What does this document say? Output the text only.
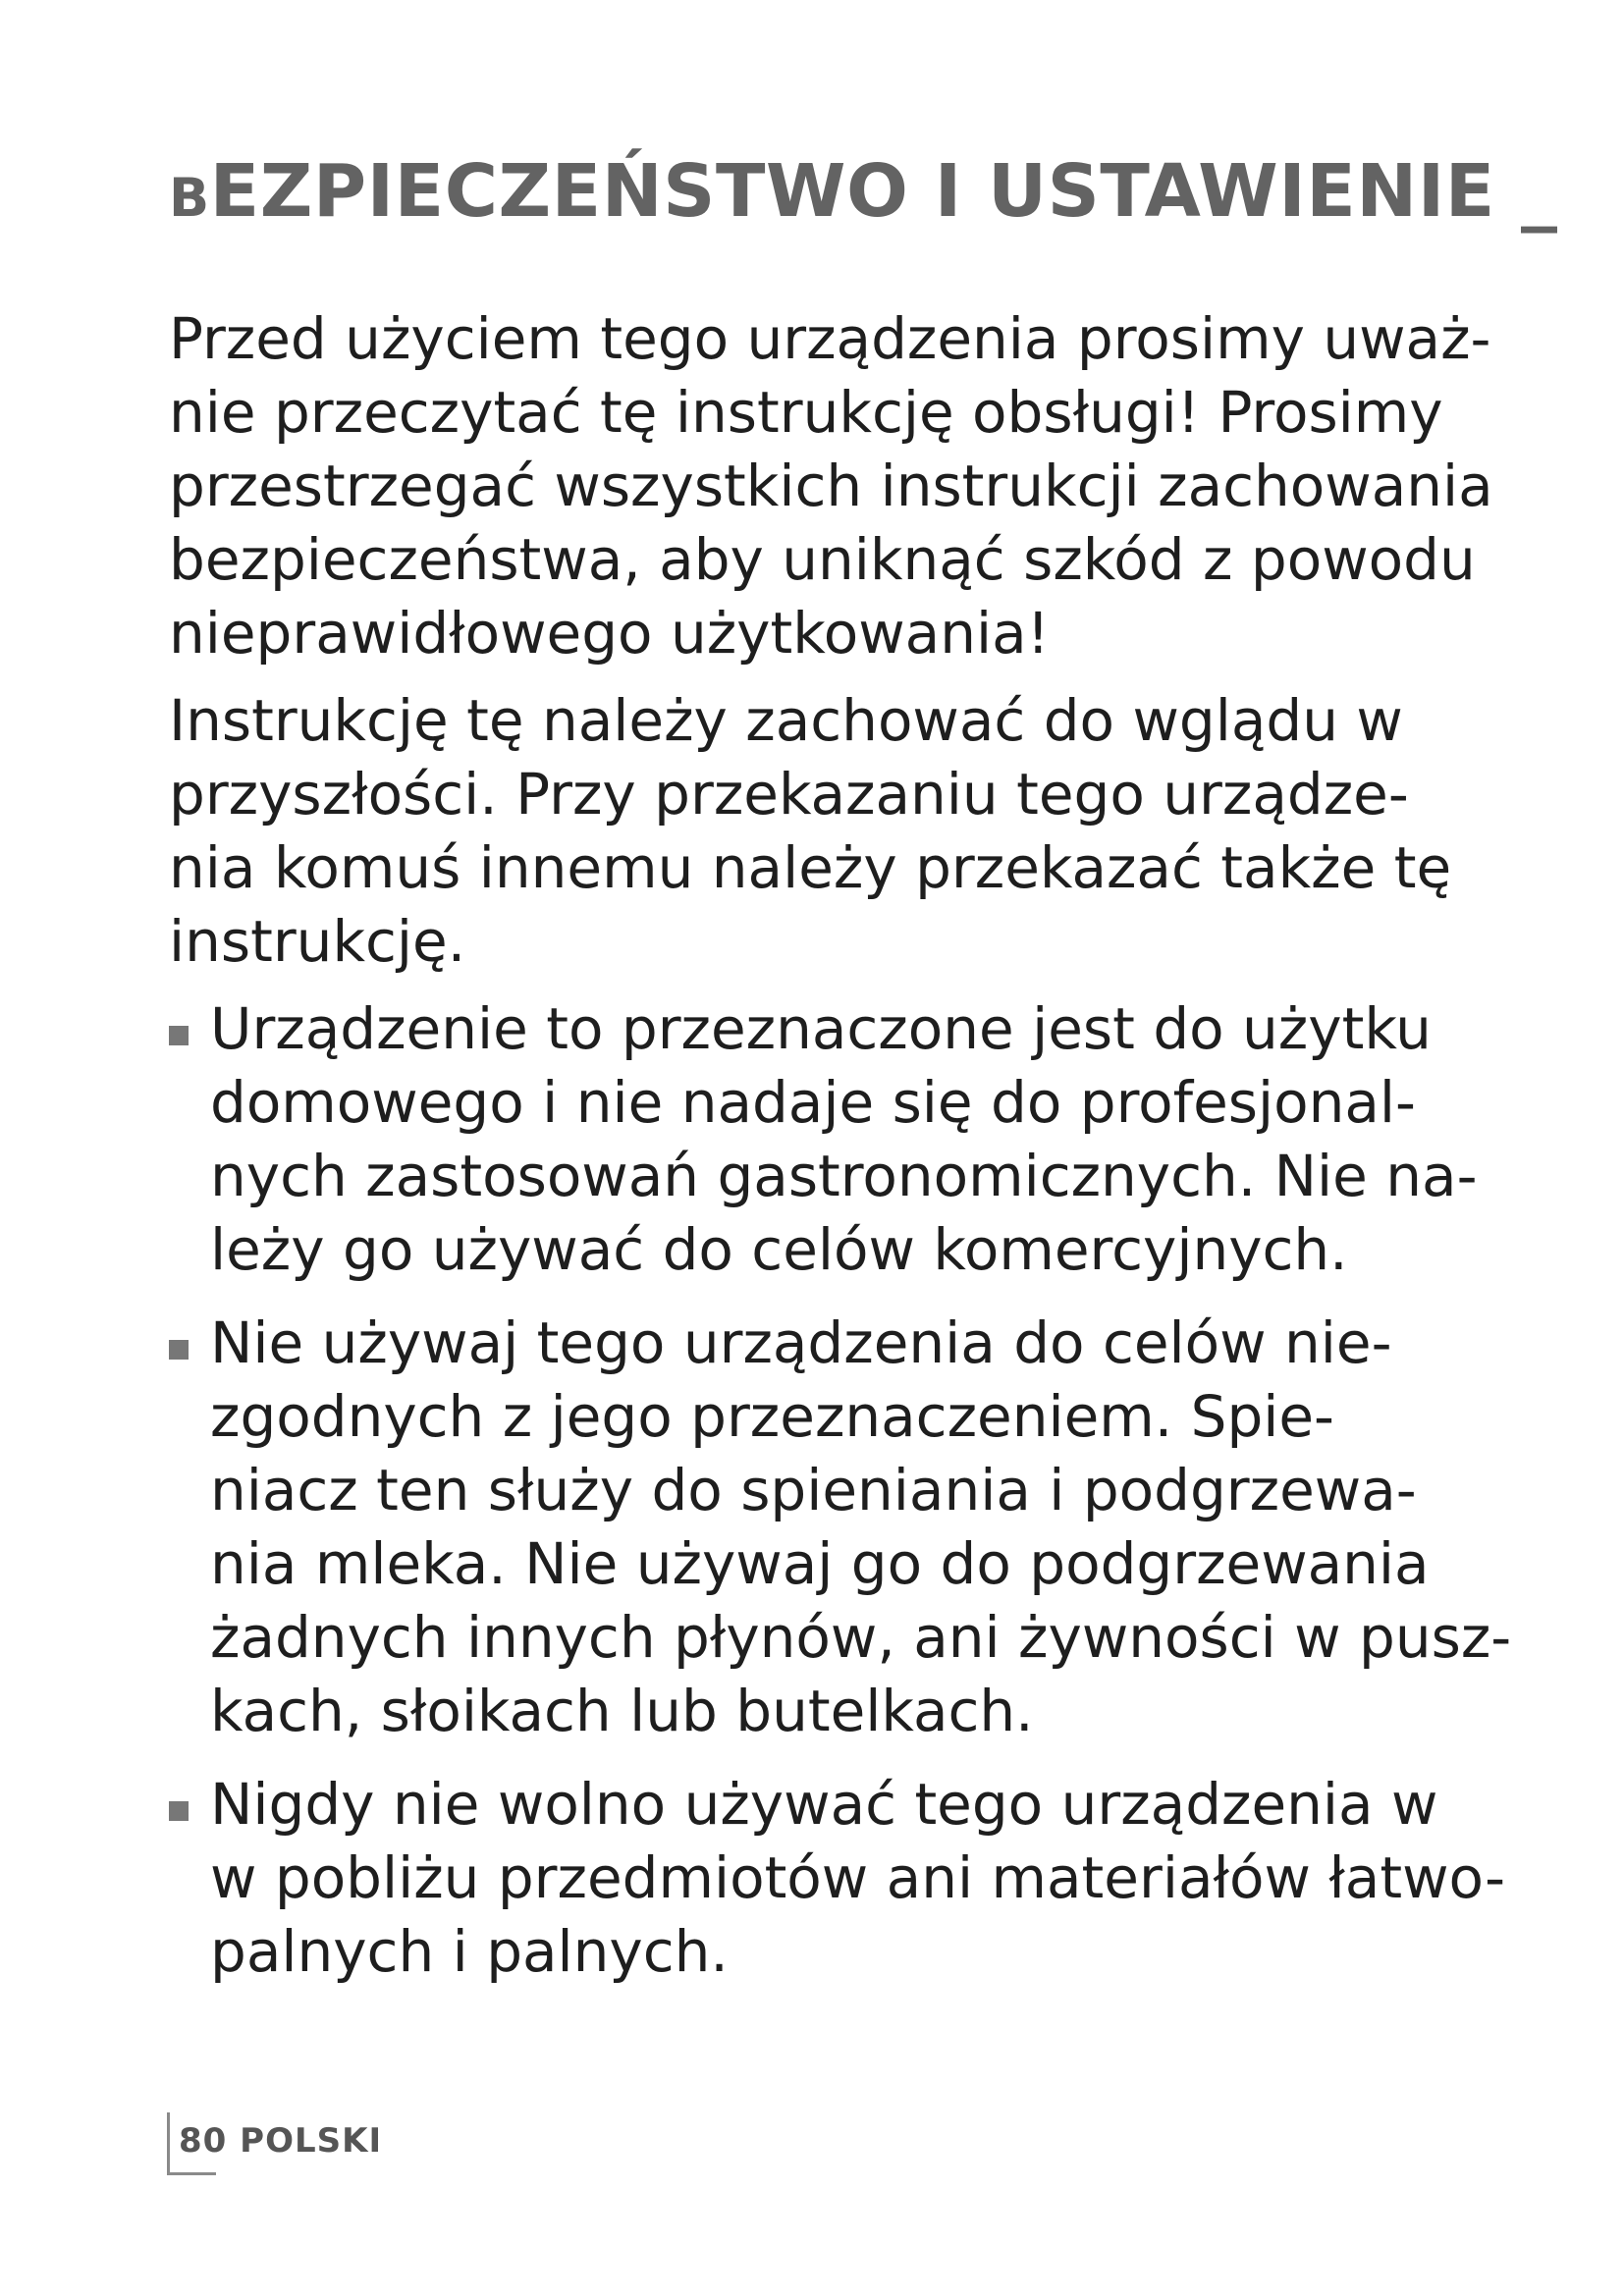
BEZPIECZEŃSTWO I USTAWIENIE _

Przed użyciem tego urządzenia prosimy uważ-
nie przeczytać tę instrukcję obsługi! Prosimy
przestrzegać wszystkich instrukcji zachowania
bezpieczeństwa, aby uniknąć szkód z powodu
nieprawidłowego użytkowania!

Instrukcję tę należy zachować do wglądu w
przyszłości. Przy przekazaniu tego urządze-
nia komuś innemu należy przekazać także tę
instrukcję.

Urządzenie to przeznaczone jest do użytku
domowego i nie nadaje się do profesjonal-
nych zastosowań gastronomicznych. Nie na-
leży go używać do celów komercyjnych.
Nie używaj tego urządzenia do celów nie-
zgodnych z jego przeznaczeniem. Spie-
niacz ten służy do spieniania i podgrzewa-
nia mleka. Nie używaj go do podgrzewania
żadnych innych płynów, ani żywności w pusz-
kach, słoikach lub butelkach.
Nigdy nie wolno używać tego urządzenia w
w pobliżu przedmiotów ani materiałów łatwo-
palnych i palnych.
80 POLSKI
